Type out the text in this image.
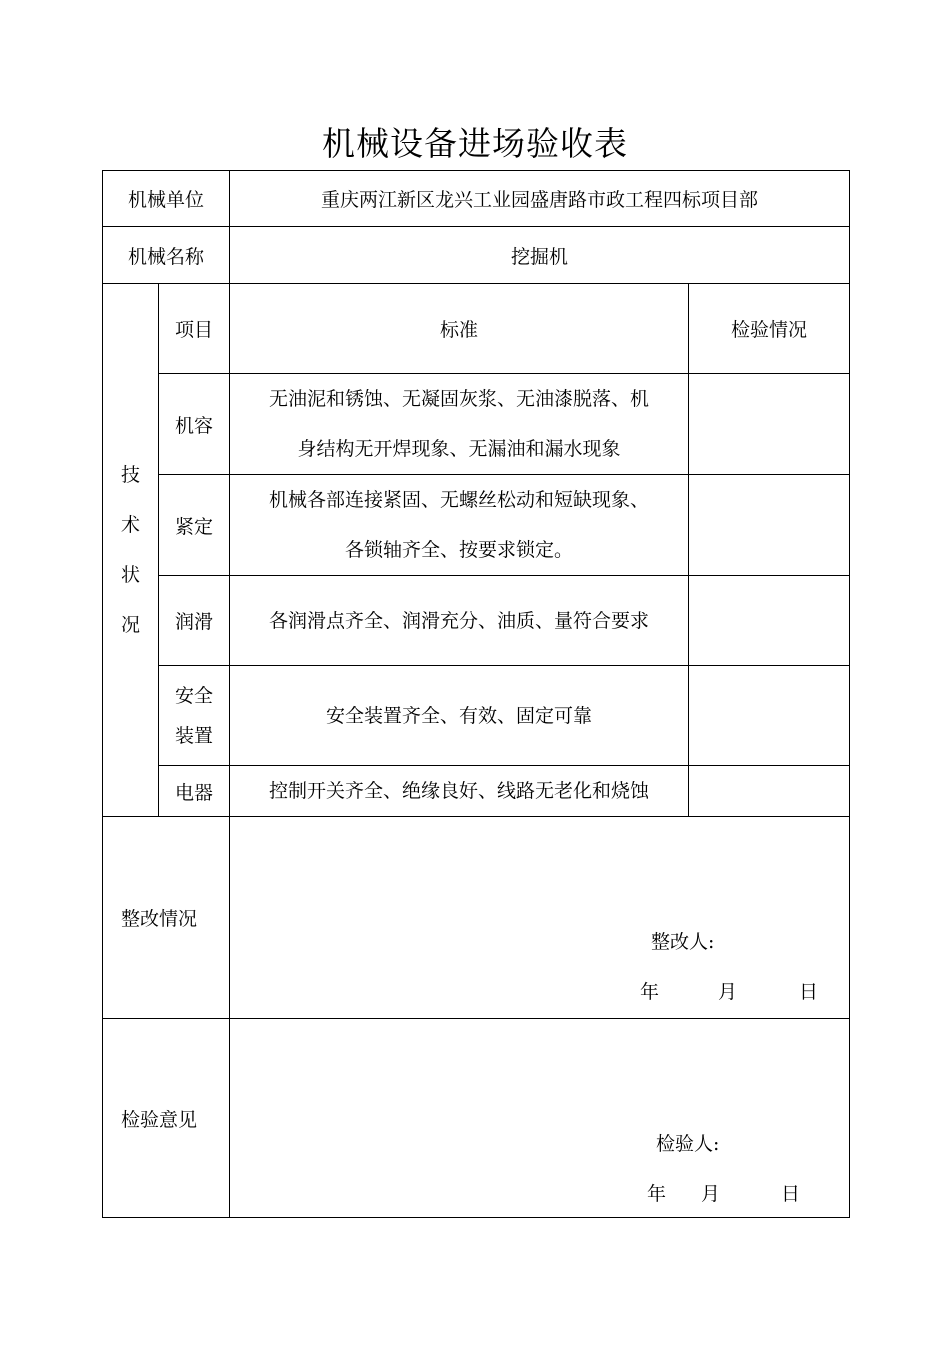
机械设备进场验收表
机械单位		重庆两江新区龙兴工业园盛唐路市政工程四标项目部	
机械名称		挖掘机	

技
术
状
况	项目	标准	检验情况
	机容	无油泥和锈蚀、无凝固灰浆、无油漆脱落、机
身结构无开焊现象、无漏油和漏水现象	

	紧定	机械各部连接紧固、无螺丝松动和短缺现象、
各锁轴齐全、按要求锁定。	

	润滑	各润滑点齐全、润滑充分、油质、量符合要求	

	安全
装置	安全装置齐全、有效、固定可靠	
	电器	控制开关齐全、绝缘良好、线路无老化和烧蚀	
整改情况		整改人:
年 月 日	

检验意见		检验人:
年 月 日	
